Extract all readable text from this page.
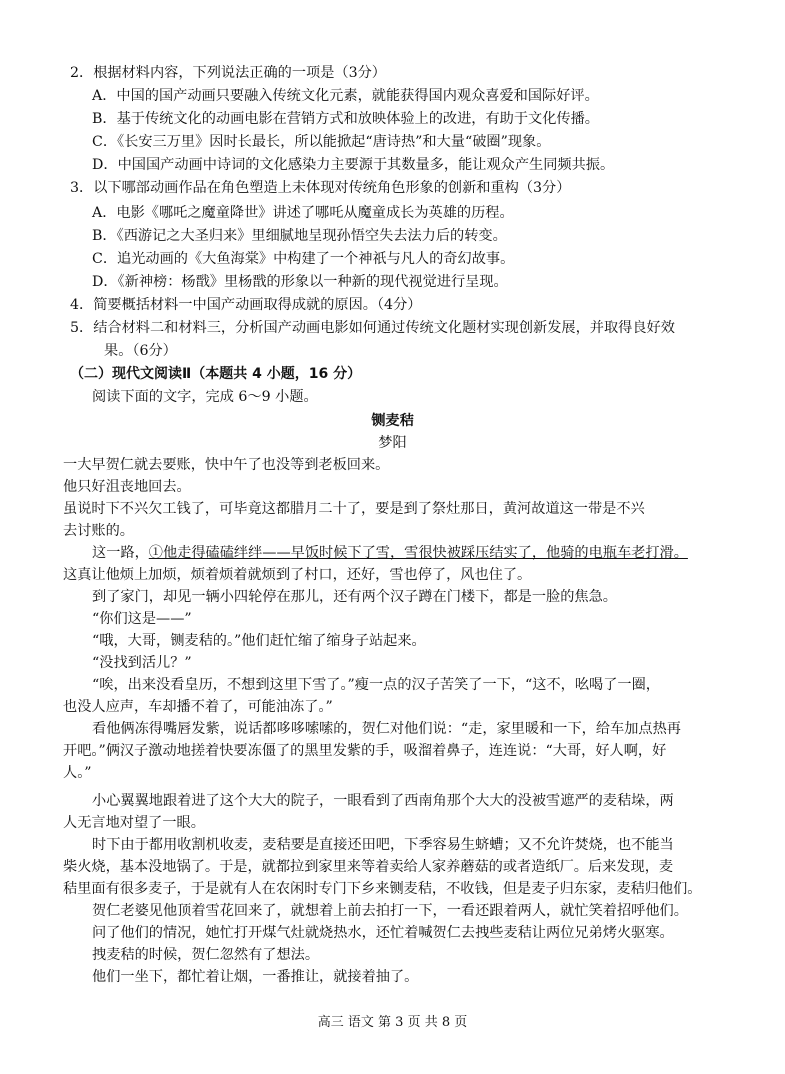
2．根据材料内容，下列说法正确的一项是（3分）
A．中国的国产动画只要融入传统文化元素，就能获得国内观众喜爱和国际好评。
B．基于传统文化的动画电影在营销方式和放映体验上的改进，有助于文化传播。
C．《长安三万里》因时长最长，所以能掀起“唐诗热”和大量“破圈”现象。
D．中国国产动画中诗词的文化感染力主要源于其数量多，能让观众产生同频共振。
3．以下哪部动画作品在角色塑造上未体现对传统角色形象的创新和重构（3分）
A．电影《哪吒之魔童降世》讲述了哪吒从魔童成长为英雄的历程。
B．《西游记之大圣归来》里细腻地呈现孙悟空失去法力后的转变。
C．追光动画的《大鱼海棠》中构建了一个神祇与凡人的奇幻故事。
D．《新神榜：杨戬》里杨戬的形象以一种新的现代视觉进行呈现。
4．简要概括材料一中国产动画取得成就的原因。（4分）
5．结合材料二和材料三，分析国产动画电影如何通过传统文化题材实现创新发展，并取得良好效
果。（6分）
（二）现代文阅读Ⅱ（本题共 4 小题，16 分）
阅读下面的文字，完成 6～9 小题。
铡麦秸
梦阳
一大早贺仁就去要账，快中午了也没等到老板回来。
他只好沮丧地回去。
虽说时下不兴欠工钱了，可毕竟这都腊月二十了，要是到了祭灶那日，黄河故道这一带是不兴
去讨账的。
这一路，①他走得磕磕绊绊——早饭时候下了雪，雪很快被踩压结实了，他骑的电瓶车老打滑。
这真让他烦上加烦，烦着烦着就烦到了村口，还好，雪也停了，风也住了。
到了家门，却见一辆小四轮停在那儿，还有两个汉子蹲在门楼下，都是一脸的焦急。
“你们这是——”
“哦，大哥，铡麦秸的。”他们赶忙缩了缩身子站起来。
“没找到活儿？”
“唉，出来没看皇历，不想到这里下雪了。”瘦一点的汉子苦笑了一下，“这不，吆喝了一圈，
也没人应声，车却播不着了，可能油冻了。”
看他俩冻得嘴唇发紫，说话都哆哆嗦嗦的，贺仁对他们说：“走，家里暖和一下，给车加点热再
开吧。”俩汉子激动地搓着快要冻僵了的黑里发紫的手，吸溜着鼻子，连连说：“大哥，好人啊，好
人。”
小心翼翼地跟着进了这个大大的院子，一眼看到了西南角那个大大的没被雪遮严的麦秸垛，两
人无言地对望了一眼。
时下由于都用收割机收麦，麦秸要是直接还田吧，下季容易生蛴螬；又不允许焚烧，也不能当
柴火烧，基本没地锅了。于是，就都拉到家里来等着卖给人家养蘑菇的或者造纸厂。后来发现，麦
秸里面有很多麦子，于是就有人在农闲时专门下乡来铡麦秸，不收钱，但是麦子归东家，麦秸归他们。
贺仁老婆见他顶着雪花回来了，就想着上前去拍打一下，一看还跟着两人，就忙笑着招呼他们。
问了他们的情况，她忙打开煤气灶就烧热水，还忙着喊贺仁去拽些麦秸让两位兄弟烤火驱寒。
拽麦秸的时候，贺仁忽然有了想法。
他们一坐下，都忙着让烟，一番推让，就接着抽了。
高三 语文 第 3 页 共 8 页
